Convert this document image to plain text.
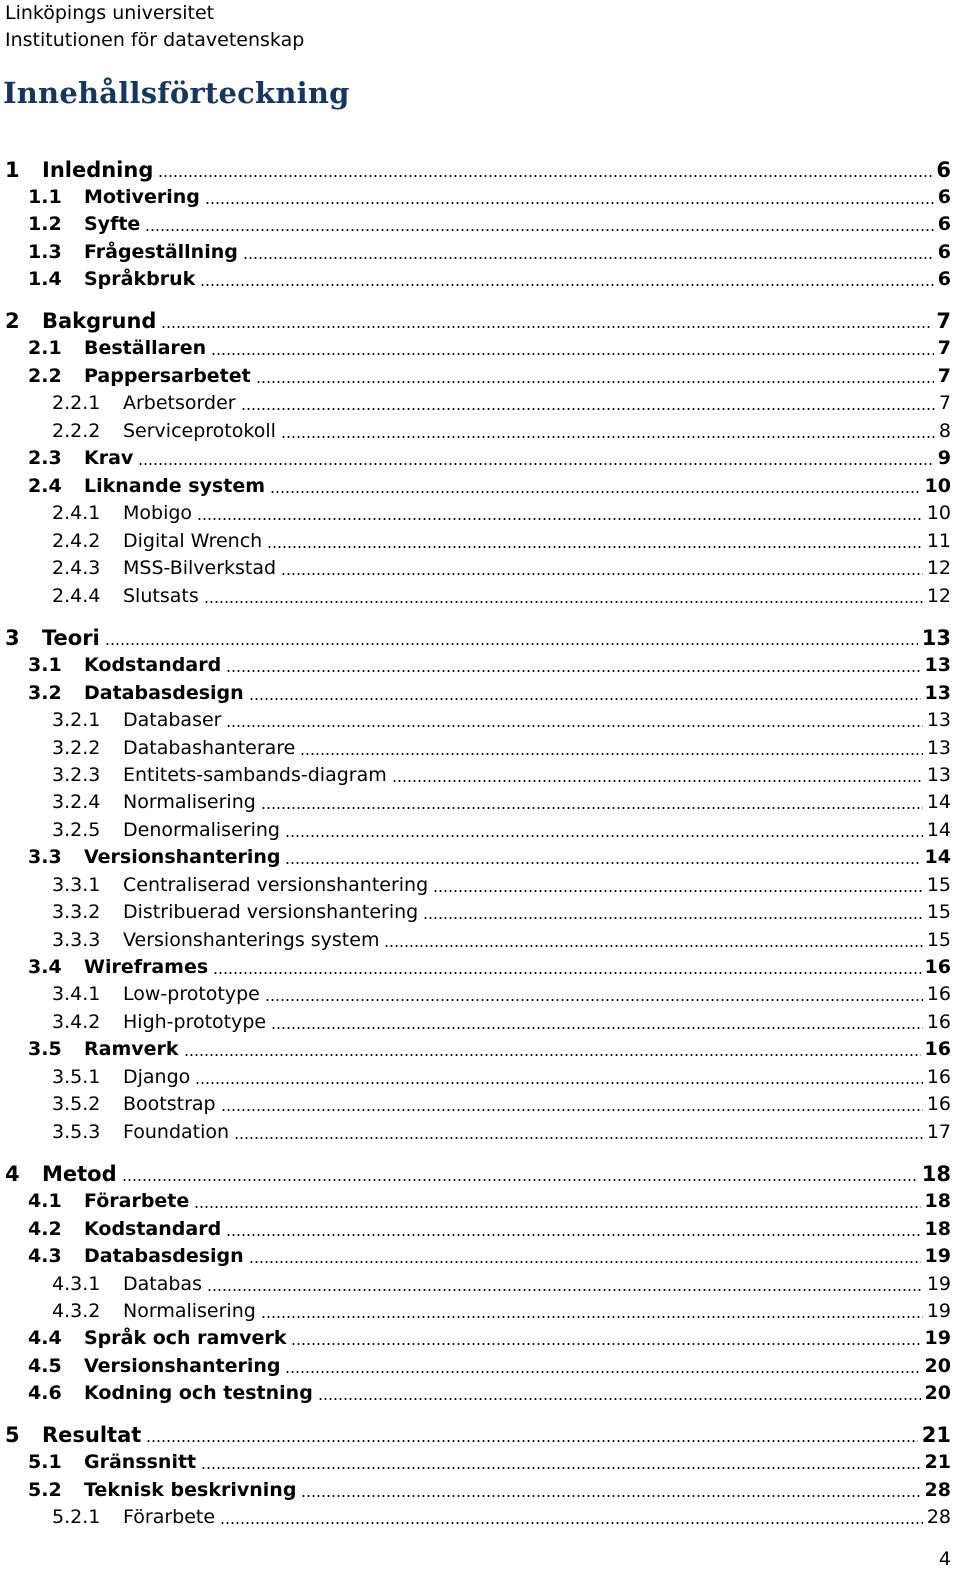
Linköpings universitet
Institutionen för datavetenskap
Innehållsförteckning
1 Inledning	6
1.1 Motivering	6
1.2 Syfte	6
1.3 Frågeställning	6
1.4 Språkbruk	6
2 Bakgrund	7
2.1 Beställaren	7
2.2 Pappersarbetet	7
2.2.1 Arbetsorder	7
2.2.2 Serviceprotokoll	8
2.3 Krav	9
2.4 Liknande system	10
2.4.1 Mobigo	10
2.4.2 Digital Wrench	11
2.4.3 MSS-Bilverkstad	12
2.4.4 Slutsats	12
3 Teori	13
3.1 Kodstandard	13
3.2 Databasdesign	13
3.2.1 Databaser	13
3.2.2 Databashanterare	13
3.2.3 Entitets-sambands-diagram	13
3.2.4 Normalisering	14
3.2.5 Denormalisering	14
3.3 Versionshantering	14
3.3.1 Centraliserad versionshantering	15
3.3.2 Distribuerad versionshantering	15
3.3.3 Versionshanterings system	15
3.4 Wireframes	16
3.4.1 Low-prototype	16
3.4.2 High-prototype	16
3.5 Ramverk	16
3.5.1 Django	16
3.5.2 Bootstrap	16
3.5.3 Foundation	17
4 Metod	18
4.1 Förarbete	18
4.2 Kodstandard	18
4.3 Databasdesign	19
4.3.1 Databas	19
4.3.2 Normalisering	19
4.4 Språk och ramverk	19
4.5 Versionshantering	20
4.6 Kodning och testning	20
5 Resultat	21
5.1 Gränssnitt	21
5.2 Teknisk beskrivning	28
5.2.1 Förarbete	28
4
